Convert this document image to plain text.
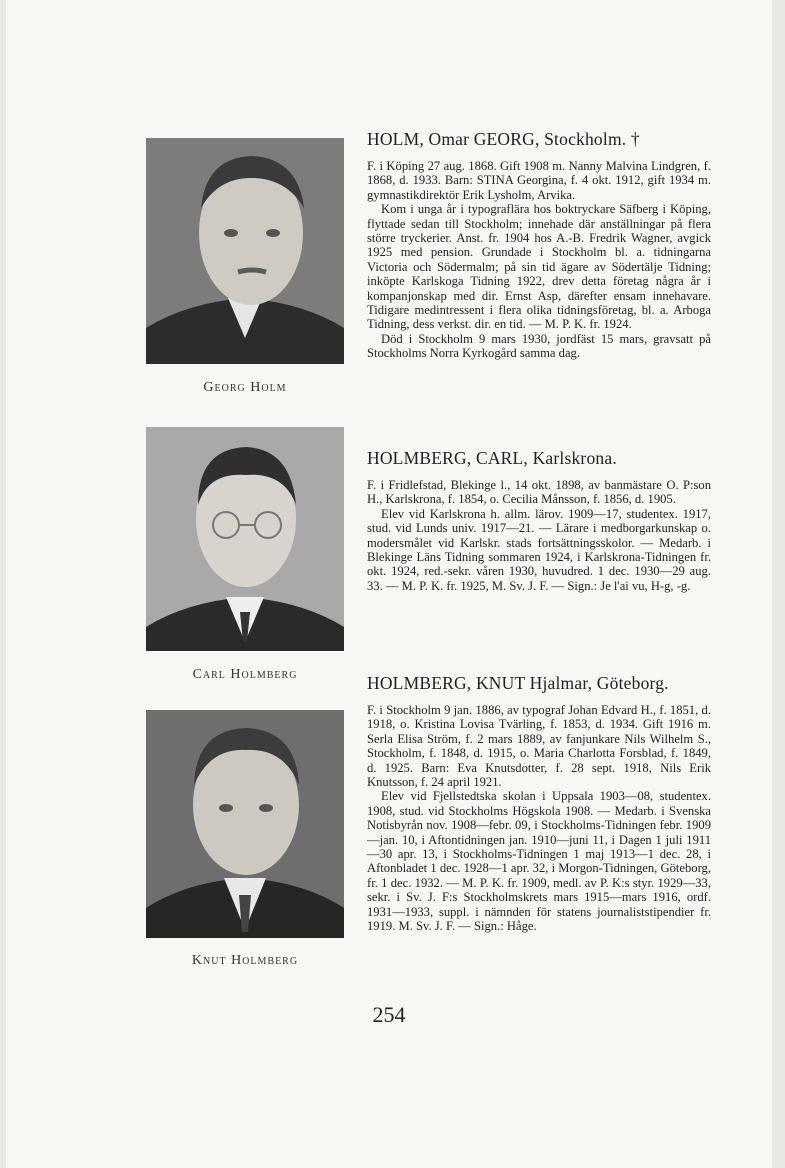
Georg Holm
HOLM, Omar GEORG, Stockholm. †

F. i Köping 27 aug. 1868. Gift 1908 m. Nanny Malvina Lindgren, f. 1868, d. 1933. Barn: STINA Georgina, f. 4 okt. 1912, gift 1934 m. gymnastikdirektör Erik Lysholm, Arvika.

Kom i unga år i typograflära hos boktryckare Säfberg i Köping, flyttade sedan till Stockholm; innehade där anställningar på flera större tryckerier. Anst. fr. 1904 hos A.-B. Fredrik Wagner, avgick 1925 med pension. Grundade i Stockholm bl. a. tidningarna Victoria och Södermalm; på sin tid ägare av Södertälje Tidning; inköpte Karlskoga Tidning 1922, drev detta företag några år i kompanjonskap med dir. Ernst Asp, därefter ensam innehavare. Tidigare medintressent i flera olika tidningsföretag, bl. a. Arboga Tidning, dess verkst. dir. en tid. — M. P. K. fr. 1924.

Död i Stockholm 9 mars 1930, jordfäst 15 mars, gravsatt på Stockholms Norra Kyrkogård samma dag.

Carl Holmberg
HOLMBERG, CARL, Karlskrona.

F. i Fridlefstad, Blekinge l., 14 okt. 1898, av banmästare O. P:son H., Karlskrona, f. 1854, o. Cecilia Månsson, f. 1856, d. 1905.

Elev vid Karlskrona h. allm. lärov. 1909—17, studentex. 1917, stud. vid Lunds univ. 1917—21. — Lärare i medborgarkunskap o. modersmålet vid Karlskr. stads fortsättningsskolor. — Medarb. i Blekinge Läns Tidning sommaren 1924, i Karlskrona-Tidningen fr. okt. 1924, red.-sekr. våren 1930, huvudred. 1 dec. 1930—29 aug. 33. — M. P. K. fr. 1925, M. Sv. J. F. — Sign.: Je l'ai vu, H-g, -g.

Knut Holmberg
HOLMBERG, KNUT Hjalmar, Göteborg.

F. i Stockholm 9 jan. 1886, av typograf Johan Edvard H., f. 1851, d. 1918, o. Kristina Lovisa Tvärling, f. 1853, d. 1934. Gift 1916 m. Serla Elisa Ström, f. 2 mars 1889, av fanjunkare Nils Wilhelm S., Stockholm, f. 1848, d. 1915, o. Maria Charlotta Forsblad, f. 1849, d. 1925. Barn: Eva Knutsdotter, f. 28 sept. 1918, Nils Erik Knutsson, f. 24 april 1921.

Elev vid Fjellstedtska skolan i Uppsala 1903—08, studentex. 1908, stud. vid Stockholms Högskola 1908. — Medarb. i Svenska Notisbyrån nov. 1908—febr. 09, i Stockholms-Tidningen febr. 1909—jan. 10, i Aftontidningen jan. 1910—juni 11, i Dagen 1 juli 1911—30 apr. 13, i Stockholms-Tidningen 1 maj 1913—1 dec. 28, i Aftonbladet 1 dec. 1928—1 apr. 32, i Morgon-Tidningen, Göteborg, fr. 1 dec. 1932. — M. P. K. fr. 1909, medl. av P. K:s styr. 1929—33, sekr. i Sv. J. F:s Stockholmskrets mars 1915—mars 1916, ordf. 1931—1933, suppl. i nämnden för statens journaliststipendier fr. 1919. M. Sv. J. F. — Sign.: Håge.

254
